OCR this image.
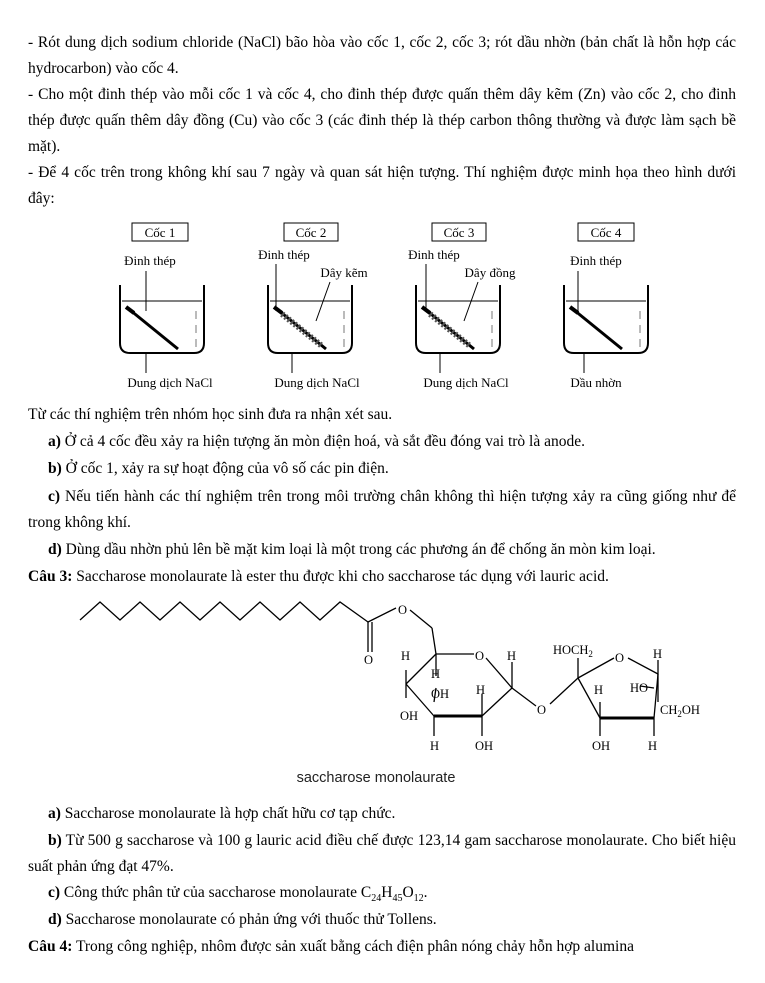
- Rót dung dịch sodium chloride (NaCl) bão hòa vào cốc 1, cốc 2, cốc 3; rót dầu nhờn (bản chất là hỗn hợp các hydrocarbon) vào cốc 4.

- Cho một đinh thép vào mỗi cốc 1 và cốc 4, cho đinh thép được quấn thêm dây kẽm (Zn) vào cốc 2, cho đinh thép được quấn thêm dây đồng (Cu) vào cốc 3 (các đinh thép là thép carbon thông thường và được làm sạch bề mặt).

- Để 4 cốc trên trong không khí sau 7 ngày và quan sát hiện tượng. Thí nghiệm được minh họa theo hình dưới đây:

Cốc 1
Đinh thép
Dung dịch NaCl
Cốc 2
Đinh thép
Dây kẽm
Dung dịch NaCl
Cốc 3
Đinh thép
Dây đồng
Dung dịch NaCl
Cốc 4
Đinh thép
Dầu nhờn

Từ các thí nghiệm trên nhóm học sinh đưa ra nhận xét sau.

a) Ở cả 4 cốc đều xảy ra hiện tượng ăn mòn điện hoá, và sắt đều đóng vai trò là anode.

b) Ở cốc 1, xảy ra sự hoạt động của vô số các pin điện.

c) Nếu tiến hành các thí nghiệm trên trong môi trường chân không thì hiện tượng xảy ra cũng giống như để trong không khí.

d) Dùng dầu nhờn phủ lên bề mặt kim loại là một trong các phương án để chống ăn mòn kim loại.

Câu 3: Saccharose monolaurate là ester thu được khi cho saccharose tác dụng với lauric acid.

O
O H	O H
H
OH H
OH
H	OH
O
$HOCH_2$ O H
H HO
$CH_2OH$
OH	H
saccharose monolaurate

a) Saccharose monolaurate là hợp chất hữu cơ tạp chức.

b) Từ 500 g saccharose và 100 g lauric acid điều chế được 123,14 gam saccharose monolaurate. Cho biết hiệu suất phản ứng đạt 47%.

c) Công thức phân tử của saccharose monolaurate $C_{24}H_{45}O_{12}$.

d) Saccharose monolaurate có phản ứng với thuốc thử Tollens.

Câu 4: Trong công nghiệp, nhôm được sản xuất bằng cách điện phân nóng chảy hỗn hợp alumina
